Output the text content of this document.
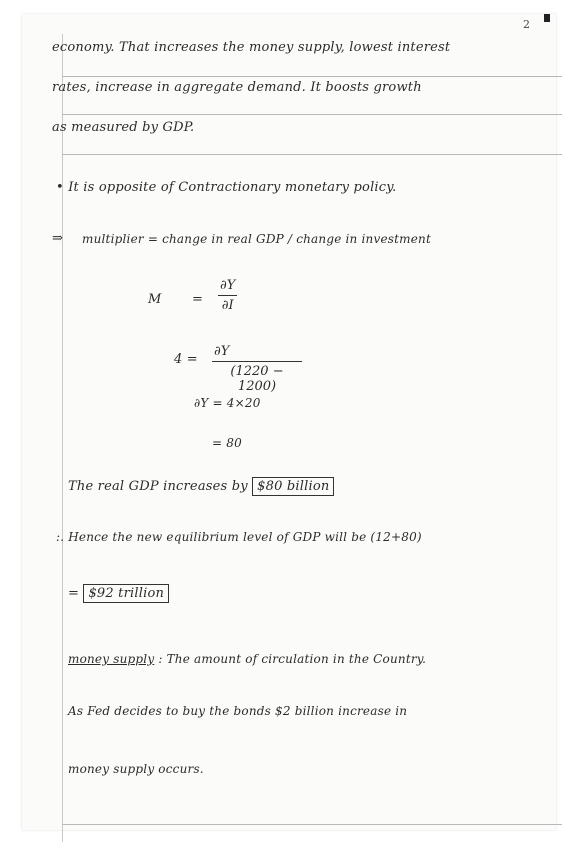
2
economy. That increases the money supply, lowest interest
rates, increase in aggregate demand. It boosts growth
as measured by GDP.
• It is opposite of Contractionary monetary policy.
⇒ multiplier = change in real GDP / change in investment
M =
∂Y
∂I
4 =
∂Y
(1220 − 1200)
∂Y = 4×20
= 80
The real GDP increases by $80 billion
:. Hence the new equilibrium level of GDP will be (12+80)
= $92 trillion
money supply : The amount of circulation in the Country.
As Fed decides to buy the bonds $2 billion increase in
money supply occurs.
